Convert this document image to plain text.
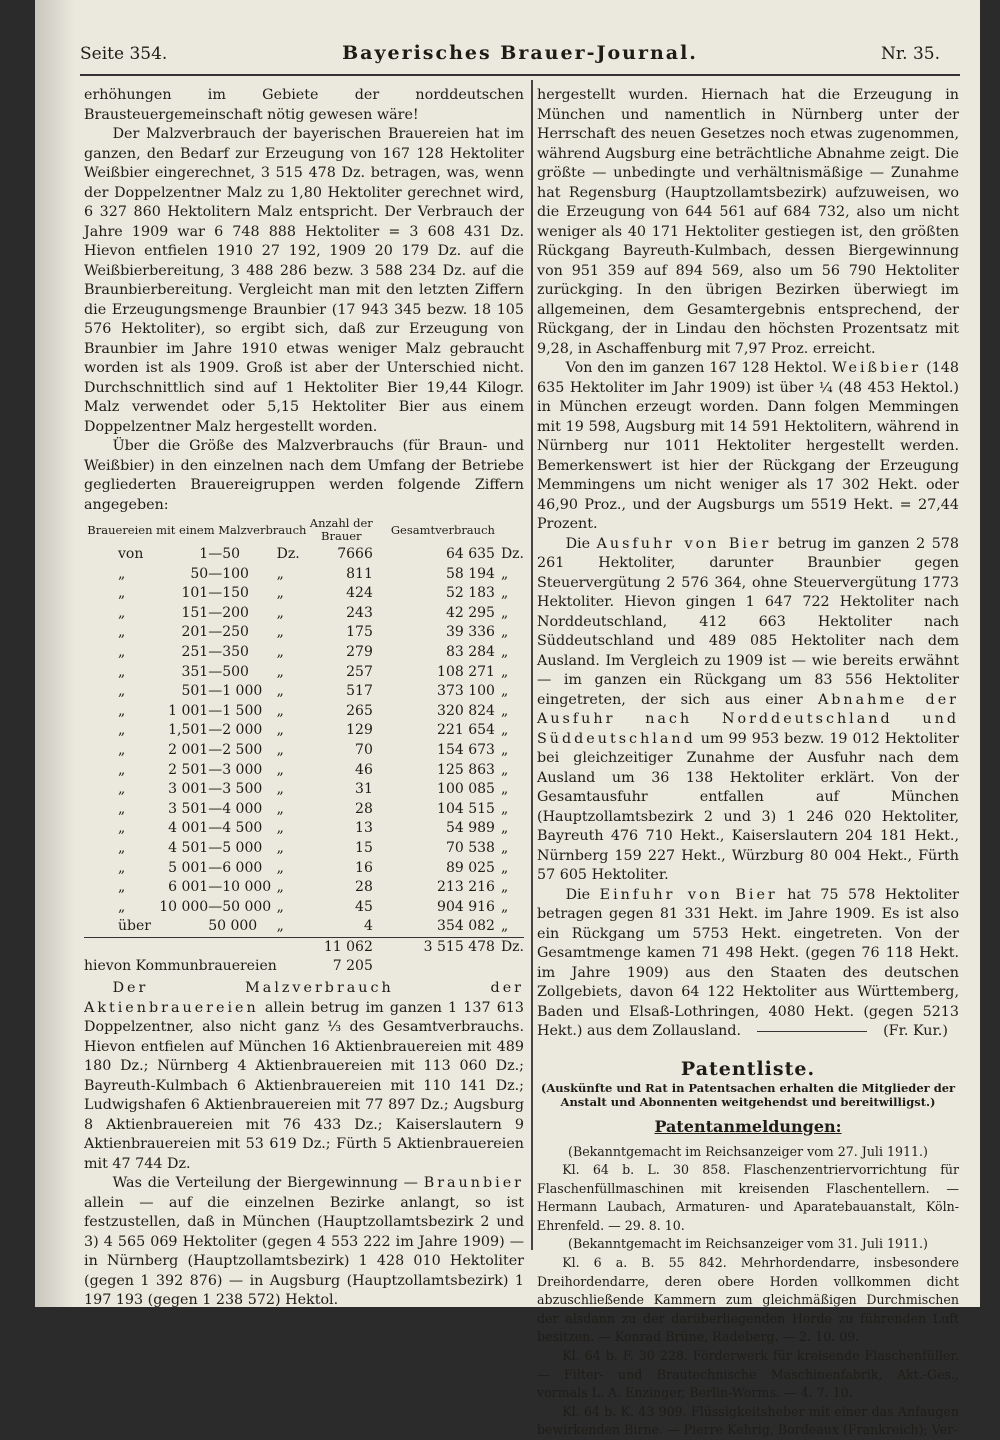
Seite 354.	Bayerisches Brauer-Journal.	Nr. 35.

erhöhungen im Gebiete der norddeutschen Brausteuergemeinschaft nötig gewesen wäre!

Der Malzverbrauch der bayerischen Brauereien hat im ganzen, den Bedarf zur Erzeugung von 167 128 Hektoliter Weißbier eingerechnet, 3 515 478 Dz. betragen, was, wenn der Doppelzentner Malz zu 1,80 Hektoliter gerechnet wird, 6 327 860 Hektolitern Malz entspricht. Der Verbrauch der Jahre 1909 war 6 748 888 Hektoliter = 3 608 431 Dz. Hievon entfielen 1910 27 192, 1909 20 179 Dz. auf die Weißbierbereitung, 3 488 286 bezw. 3 588 234 Dz. auf die Braunbierbereitung. Vergleicht man mit den letzten Ziffern die Erzeugungsmenge Braunbier (17 943 345 bezw. 18 105 576 Hektoliter), so ergibt sich, daß zur Erzeugung von Braunbier im Jahre 1910 etwas weniger Malz gebraucht worden ist als 1909. Groß ist aber der Unterschied nicht. Durchschnittlich sind auf 1 Hektoliter Bier 19,44 Kilogr. Malz verwendet oder 5,15 Hektoliter Bier aus einem Doppelzentner Malz hergestellt worden.

Über die Größe des Malzverbrauchs (für Braun- und Weißbier) in den einzelnen nach dem Umfang der Betriebe gegliederten Brauereigruppen werden folgende Ziffern angegeben:

Brauereien mit einem Malzverbrauch				Anzahl der Brauer	Gesamtverbrauch	
von	1	—50	Dz.	7666	64 635	Dz.
„	50	—100	„	811	58 194	„
„	101	—150	„	424	52 183	„
„	151	—200	„	243	42 295	„
„	201	—250	„	175	39 336	„
„	251	—350	„	279	83 284	„
„	351	—500	„	257	108 271	„
„	501	—1 000	„	517	373 100	„
„	1 001	—1 500	„	265	320 824	„
„	1,501	—2 000	„	129	221 654	„
„	2 001	—2 500	„	70	154 673	„
„	2 501	—3 000	„	46	125 863	„
„	3 001	—3 500	„	31	100 085	„
„	3 501	—4 000	„	28	104 515	„
„	4 001	—4 500	„	13	54 989	„
„	4 501	—5 000	„	15	70 538	„
„	5 001	—6 000	„	16	89 025	„
„	6 001	—10 000	„	28	213 216	„
„	10 000	—50 000	„	45	904 916	„
über		50 000	„	4	354 082	„
				11 062	3 515 478	Dz.
hievon Kommunbrauereien				7 205		

Der Malzverbrauch der Aktienbrauereien allein betrug im ganzen 1 137 613 Doppelzentner, also nicht ganz ⅓ des Gesamtverbrauchs. Hievon entfielen auf München 16 Aktienbrauereien mit 489 180 Dz.; Nürnberg 4 Aktienbrauereien mit 113 060 Dz.; Bayreuth-Kulmbach 6 Aktienbrauereien mit 110 141 Dz.; Ludwigshafen 6 Aktienbrauereien mit 77 897 Dz.; Augsburg 8 Aktienbrauereien mit 76 433 Dz.; Kaiserslautern 9 Aktienbrauereien mit 53 619 Dz.; Fürth 5 Aktienbrauereien mit 47 744 Dz.

Was die Verteilung der Biergewinnung — Braunbier allein — auf die einzelnen Bezirke anlangt, so ist festzustellen, daß in München (Hauptzollamtsbezirk 2 und 3) 4 565 069 Hektoliter (gegen 4 553 222 im Jahre 1909) — in Nürnberg (Hauptzollamtsbezirk) 1 428 010 Hektoliter (gegen 1 392 876) — in Augsburg (Hauptzollamtsbezirk) 1 197 193 (gegen 1 238 572) Hektol.

hergestellt wurden. Hiernach hat die Erzeugung in München und namentlich in Nürnberg unter der Herrschaft des neuen Gesetzes noch etwas zugenommen, während Augsburg eine beträchtliche Abnahme zeigt. Die größte — unbedingte und verhältnismäßige — Zunahme hat Regensburg (Hauptzollamtsbezirk) aufzuweisen, wo die Erzeugung von 644 561 auf 684 732, also um nicht weniger als 40 171 Hektoliter gestiegen ist, den größten Rückgang Bayreuth-Kulmbach, dessen Biergewinnung von 951 359 auf 894 569, also um 56 790 Hektoliter zurückging. In den übrigen Bezirken überwiegt im allgemeinen, dem Gesamtergebnis entsprechend, der Rückgang, der in Lindau den höchsten Prozentsatz mit 9,28, in Aschaffenburg mit 7,97 Proz. erreicht.

Von den im ganzen 167 128 Hektol. Weißbier (148 635 Hektoliter im Jahr 1909) ist über ¼ (48 453 Hektol.) in München erzeugt worden. Dann folgen Memmingen mit 19 598, Augsburg mit 14 591 Hektolitern, während in Nürnberg nur 1011 Hektoliter hergestellt werden. Bemerkenswert ist hier der Rückgang der Erzeugung Memmingens um nicht weniger als 17 302 Hekt. oder 46,90 Proz., und der Augsburgs um 5519 Hekt. = 27,44 Prozent.

Die Ausfuhr von Bier betrug im ganzen 2 578 261 Hektoliter, darunter Braunbier gegen Steuervergütung 2 576 364, ohne Steuervergütung 1773 Hektoliter. Hievon gingen 1 647 722 Hektoliter nach Norddeutschland, 412 663 Hektoliter nach Süddeutschland und 489 085 Hektoliter nach dem Ausland. Im Vergleich zu 1909 ist — wie bereits erwähnt — im ganzen ein Rückgang um 83 556 Hektoliter eingetreten, der sich aus einer Abnahme der Ausfuhr nach Norddeutschland und Süddeutschland um 99 953 bezw. 19 012 Hektoliter bei gleichzeitiger Zunahme der Ausfuhr nach dem Ausland um 36 138 Hektoliter erklärt. Von der Gesamtausfuhr entfallen auf München (Hauptzollamtsbezirk 2 und 3) 1 246 020 Hektoliter, Bayreuth 476 710 Hekt., Kaiserslautern 204 181 Hekt., Nürnberg 159 227 Hekt., Würzburg 80 004 Hekt., Fürth 57 605 Hektoliter.

Die Einfuhr von Bier hat 75 578 Hektoliter betragen gegen 81 331 Hekt. im Jahre 1909. Es ist also ein Rückgang um 5753 Hekt. eingetreten. Von der Gesamtmenge kamen 71 498 Hekt. (gegen 76 118 Hekt. im Jahre 1909) aus den Staaten des deutschen Zollgebiets, davon 64 122 Hektoliter aus Württemberg, Baden und Elsaß-Lothringen, 4080 Hekt. (gegen 5213 Hekt.) aus dem Zollausland.	(Fr. Kur.)

Patentliste.
(Auskünfte und Rat in Patentsachen erhalten die Mitglieder der Anstalt und Abonnenten weitgehendst und bereitwilligst.)
Patentanmeldungen:

(Bekanntgemacht im Reichsanzeiger vom 27. Juli 1911.)

Kl. 64 b. L. 30 858. Flaschenzentriervorrichtung für Flaschenfüllmaschinen mit kreisenden Flaschentellern. — Hermann Laubach, Armaturen- und Aparatebauanstalt, Köln-Ehrenfeld. — 29. 8. 10.

(Bekanntgemacht im Reichsanzeiger vom 31. Juli 1911.)

Kl. 6 a. B. 55 842. Mehrhordendarre, insbesondere Dreihordendarre, deren obere Horden vollkommen dicht abzuschließende Kammern zum gleichmäßigen Durchmischen der alsdann zu der darüberliegenden Horde zu führenden Luft besitzen. — Konrad Brüne, Radeberg. — 2. 10. 09.

Kl. 64 b. F. 30 228. Förderwerk für kreisende Flaschenfüller. — Filter- und Brautechnische Maschinenfabrik, Akt.-Ges., vormals L. A. Enzinger, Berlin-Worms. — 4. 7. 10.

Kl. 64 b. K. 43 909. Flüssigkeitsheber mit einer das Anfaugen bewirkenden Birne. — Pierre Kehrig, Bordeaux (Frankreich); Ver-
